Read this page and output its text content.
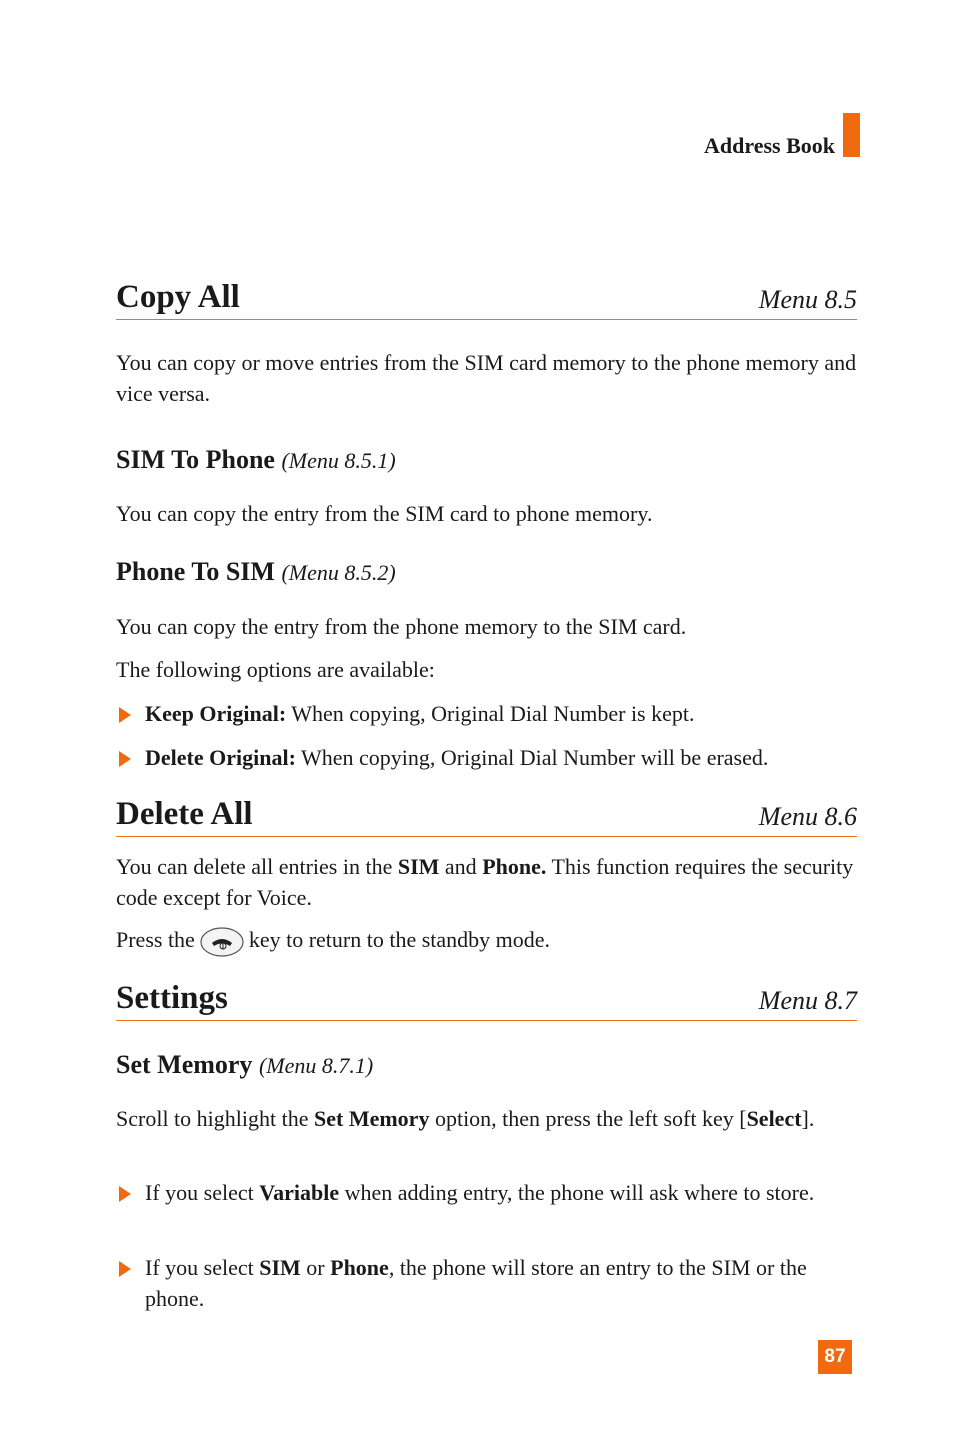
Address Book
Copy All	Menu 8.5
You can copy or move entries from the SIM card memory to the phone memory and vice versa.
SIM To Phone (Menu 8.5.1)
You can copy the entry from the SIM card to phone memory.
Phone To SIM (Menu 8.5.2)
You can copy the entry from the phone memory to the SIM card.
The following options are available:
Keep Original: When copying, Original Dial Number is kept.
Delete Original: When copying, Original Dial Number will be erased.
Delete All	Menu 8.6
You can delete all entries in the SIM and Phone. This function requires the security code except for Voice.
Press the key to return to the standby mode.
Settings	Menu 8.7
Set Memory (Menu 8.7.1)
Scroll to highlight the Set Memory option, then press the left soft key [Select].
If you select Variable when adding entry, the phone will ask where to store.
If you select SIM or Phone, the phone will store an entry to the SIM or the phone.
87
